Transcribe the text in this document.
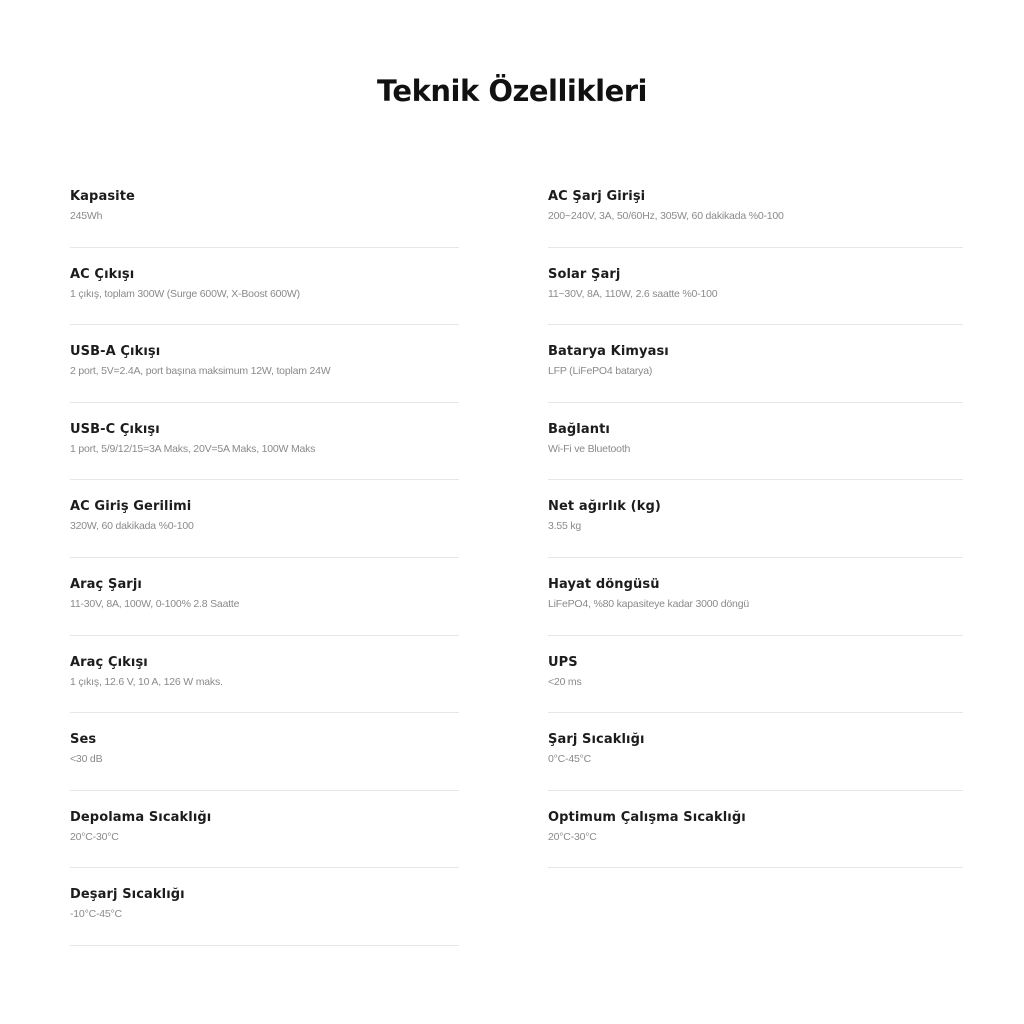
Teknik Özellikleri
Kapasite
245Wh
AC Çıkışı
1 çıkış, toplam 300W (Surge 600W, X-Boost 600W)
USB-A Çıkışı
2 port, 5V=2.4A, port başına maksimum 12W, toplam 24W
USB-C Çıkışı
1 port, 5/9/12/15=3A Maks, 20V=5A Maks, 100W Maks
AC Giriş Gerilimi
320W, 60 dakikada %0-100
Araç Şarjı
11-30V, 8A, 100W, 0-100% 2.8 Saatte
Araç Çıkışı
1 çıkış, 12.6 V, 10 A, 126 W maks.
Ses
<30 dB
Depolama Sıcaklığı
20°C-30°C
Deşarj Sıcaklığı
-10°C-45°C
AC Şarj Girişi
200~240V, 3A, 50/60Hz, 305W, 60 dakikada %0-100
Solar Şarj
11~30V, 8A, 110W, 2.6 saatte %0-100
Batarya Kimyası
LFP (LiFePO4 batarya)
Bağlantı
Wi-Fi ve Bluetooth
Net ağırlık (kg)
3.55 kg
Hayat döngüsü
LiFePO4, %80 kapasiteye kadar 3000 döngü
UPS
<20 ms
Şarj Sıcaklığı
0°C-45°C
Optimum Çalışma Sıcaklığı
20°C-30°C
